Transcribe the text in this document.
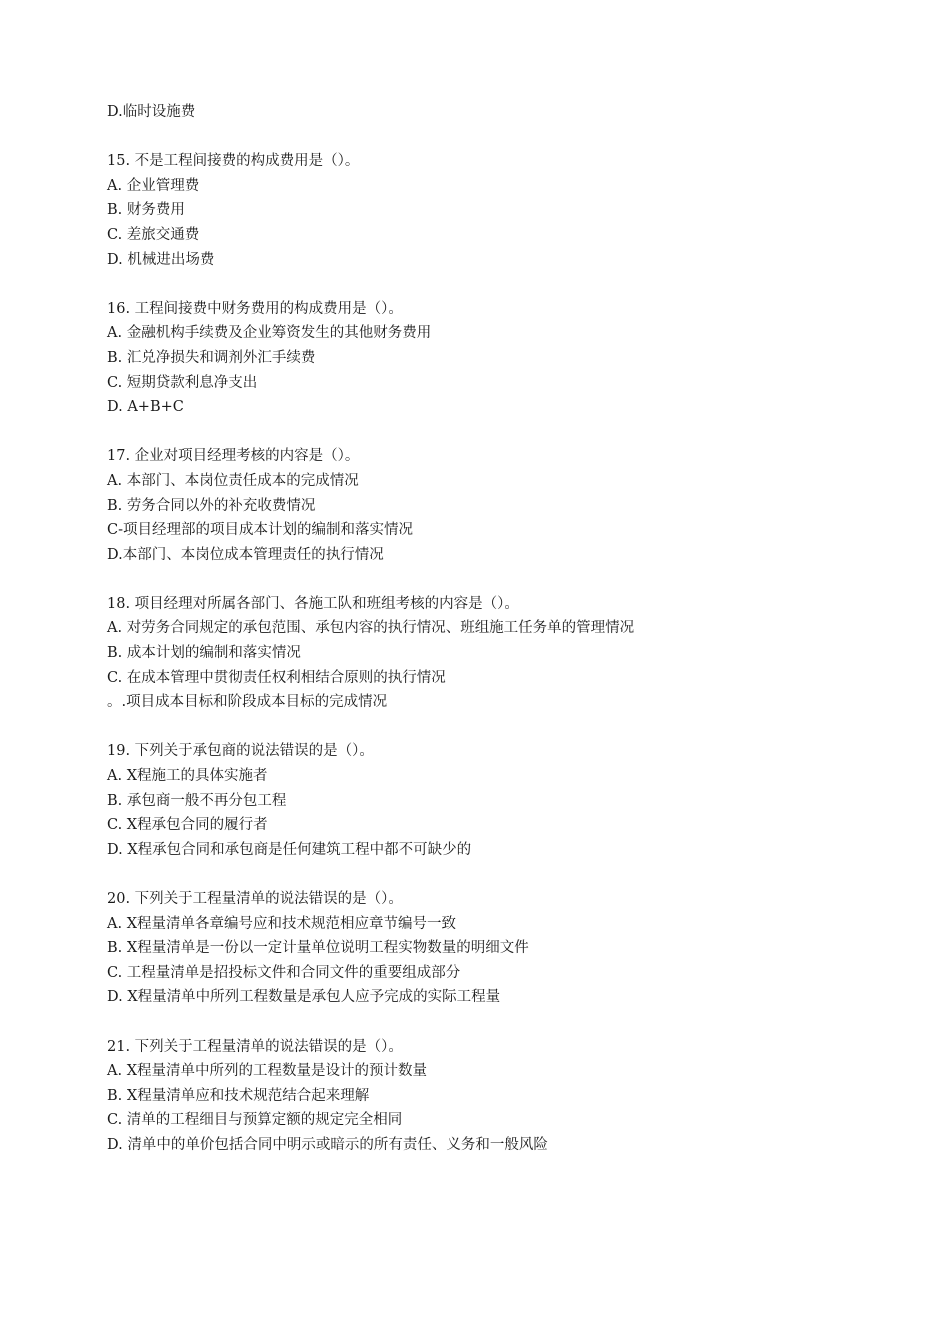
D.临时设施费
15. 不是工程间接费的构成费用是（）。
A. 企业管理费
B. 财务费用
C. 差旅交通费
D. 机械进出场费
16. 工程间接费中财务费用的构成费用是（）。
A. 金融机构手续费及企业筹资发生的其他财务费用
B. 汇兑净损失和调剂外汇手续费
C. 短期贷款利息净支出
D. A+B+C
17. 企业对项目经理考核的内容是（）。
A. 本部门、本岗位责任成本的完成情况
B. 劳务合同以外的补充收费情况
C-项目经理部的项目成本计划的编制和落实情况
D.本部门、本岗位成本管理责任的执行情况
18. 项目经理对所属各部门、各施工队和班组考核的内容是（）。
A. 对劳务合同规定的承包范围、承包内容的执行情况、班组施工任务单的管理情况
B. 成本计划的编制和落实情况
C. 在成本管理中贯彻责任权利相结合原则的执行情况
。.项目成本目标和阶段成本目标的完成情况
19. 下列关于承包商的说法错误的是（）。
A. X程施工的具体实施者
B. 承包商一般不再分包工程
C. X程承包合同的履行者
D. X程承包合同和承包商是任何建筑工程中都不可缺少的
20. 下列关于工程量清单的说法错误的是（）。
A. X程量清单各章编号应和技术规范相应章节编号一致
B. X程量清单是一份以一定计量单位说明工程实物数量的明细文件
C. 工程量清单是招投标文件和合同文件的重要组成部分
D. X程量清单中所列工程数量是承包人应予完成的实际工程量
21. 下列关于工程量清单的说法错误的是（）。
A. X程量清单中所列的工程数量是设计的预计数量
B. X程量清单应和技术规范结合起来理解
C. 清单的工程细目与预算定额的规定完全相同
D. 清单中的单价包括合同中明示或暗示的所有责任、义务和一般风险
